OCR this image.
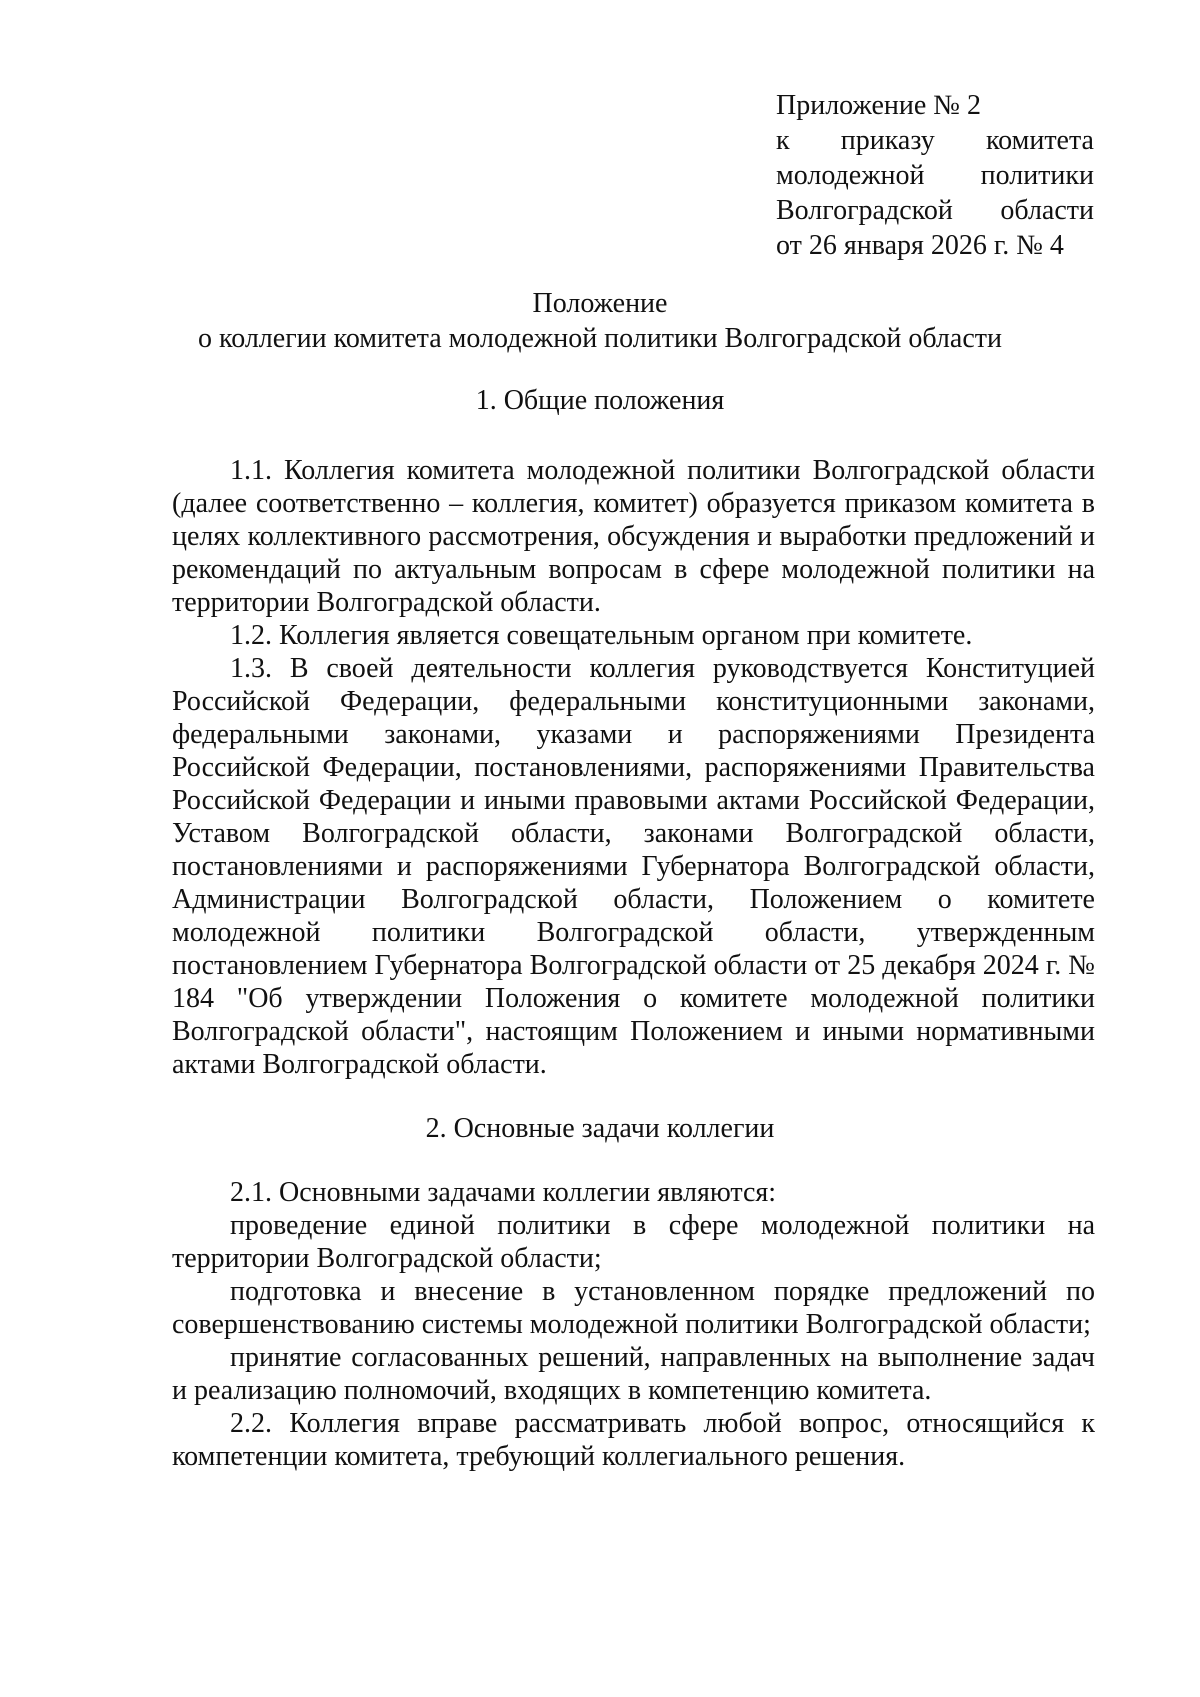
Приложение № 2
к приказу комитета
молодежной политики
Волгоградской области
от 26 января 2026 г. № 4
Положение
о коллегии комитета молодежной политики Волгоградской области
1. Общие положения

1.1. Коллегия комитета молодежной политики Волгоградской области (далее соответственно – коллегия, комитет) образуется приказом комитета в целях коллективного рассмотрения, обсуждения и выработки предложений и рекомендаций по актуальным вопросам в сфере молодежной политики на территории Волгоградской области.

1.2. Коллегия является совещательным органом при комитете.

1.3. В своей деятельности коллегия руководствуется Конституцией Российской Федерации, федеральными конституционными законами, федеральными законами, указами и распоряжениями Президента Российской Федерации, постановлениями, распоряжениями Правительства Российской Федерации и иными правовыми актами Российской Федерации, Уставом Волгоградской области, законами Волгоградской области, постановлениями и распоряжениями Губернатора Волгоградской области, Администрации Волгоградской области, Положением о комитете молодежной политики Волгоградской области, утвержденным постановлением Губернатора Волгоградской области от 25 декабря 2024 г. № 184 "Об утверждении Положения о комитете молодежной политики Волгоградской области", настоящим Положением и иными нормативными актами Волгоградской области.

2. Основные задачи коллегии

2.1. Основными задачами коллегии являются:

проведение единой политики в сфере молодежной политики на территории Волгоградской области;

подготовка и внесение в установленном порядке предложений по совершенствованию системы молодежной политики Волгоградской области;

принятие согласованных решений, направленных на выполнение задач и реализацию полномочий, входящих в компетенцию комитета.

2.2. Коллегия вправе рассматривать любой вопрос, относящийся к компетенции комитета, требующий коллегиального решения.
